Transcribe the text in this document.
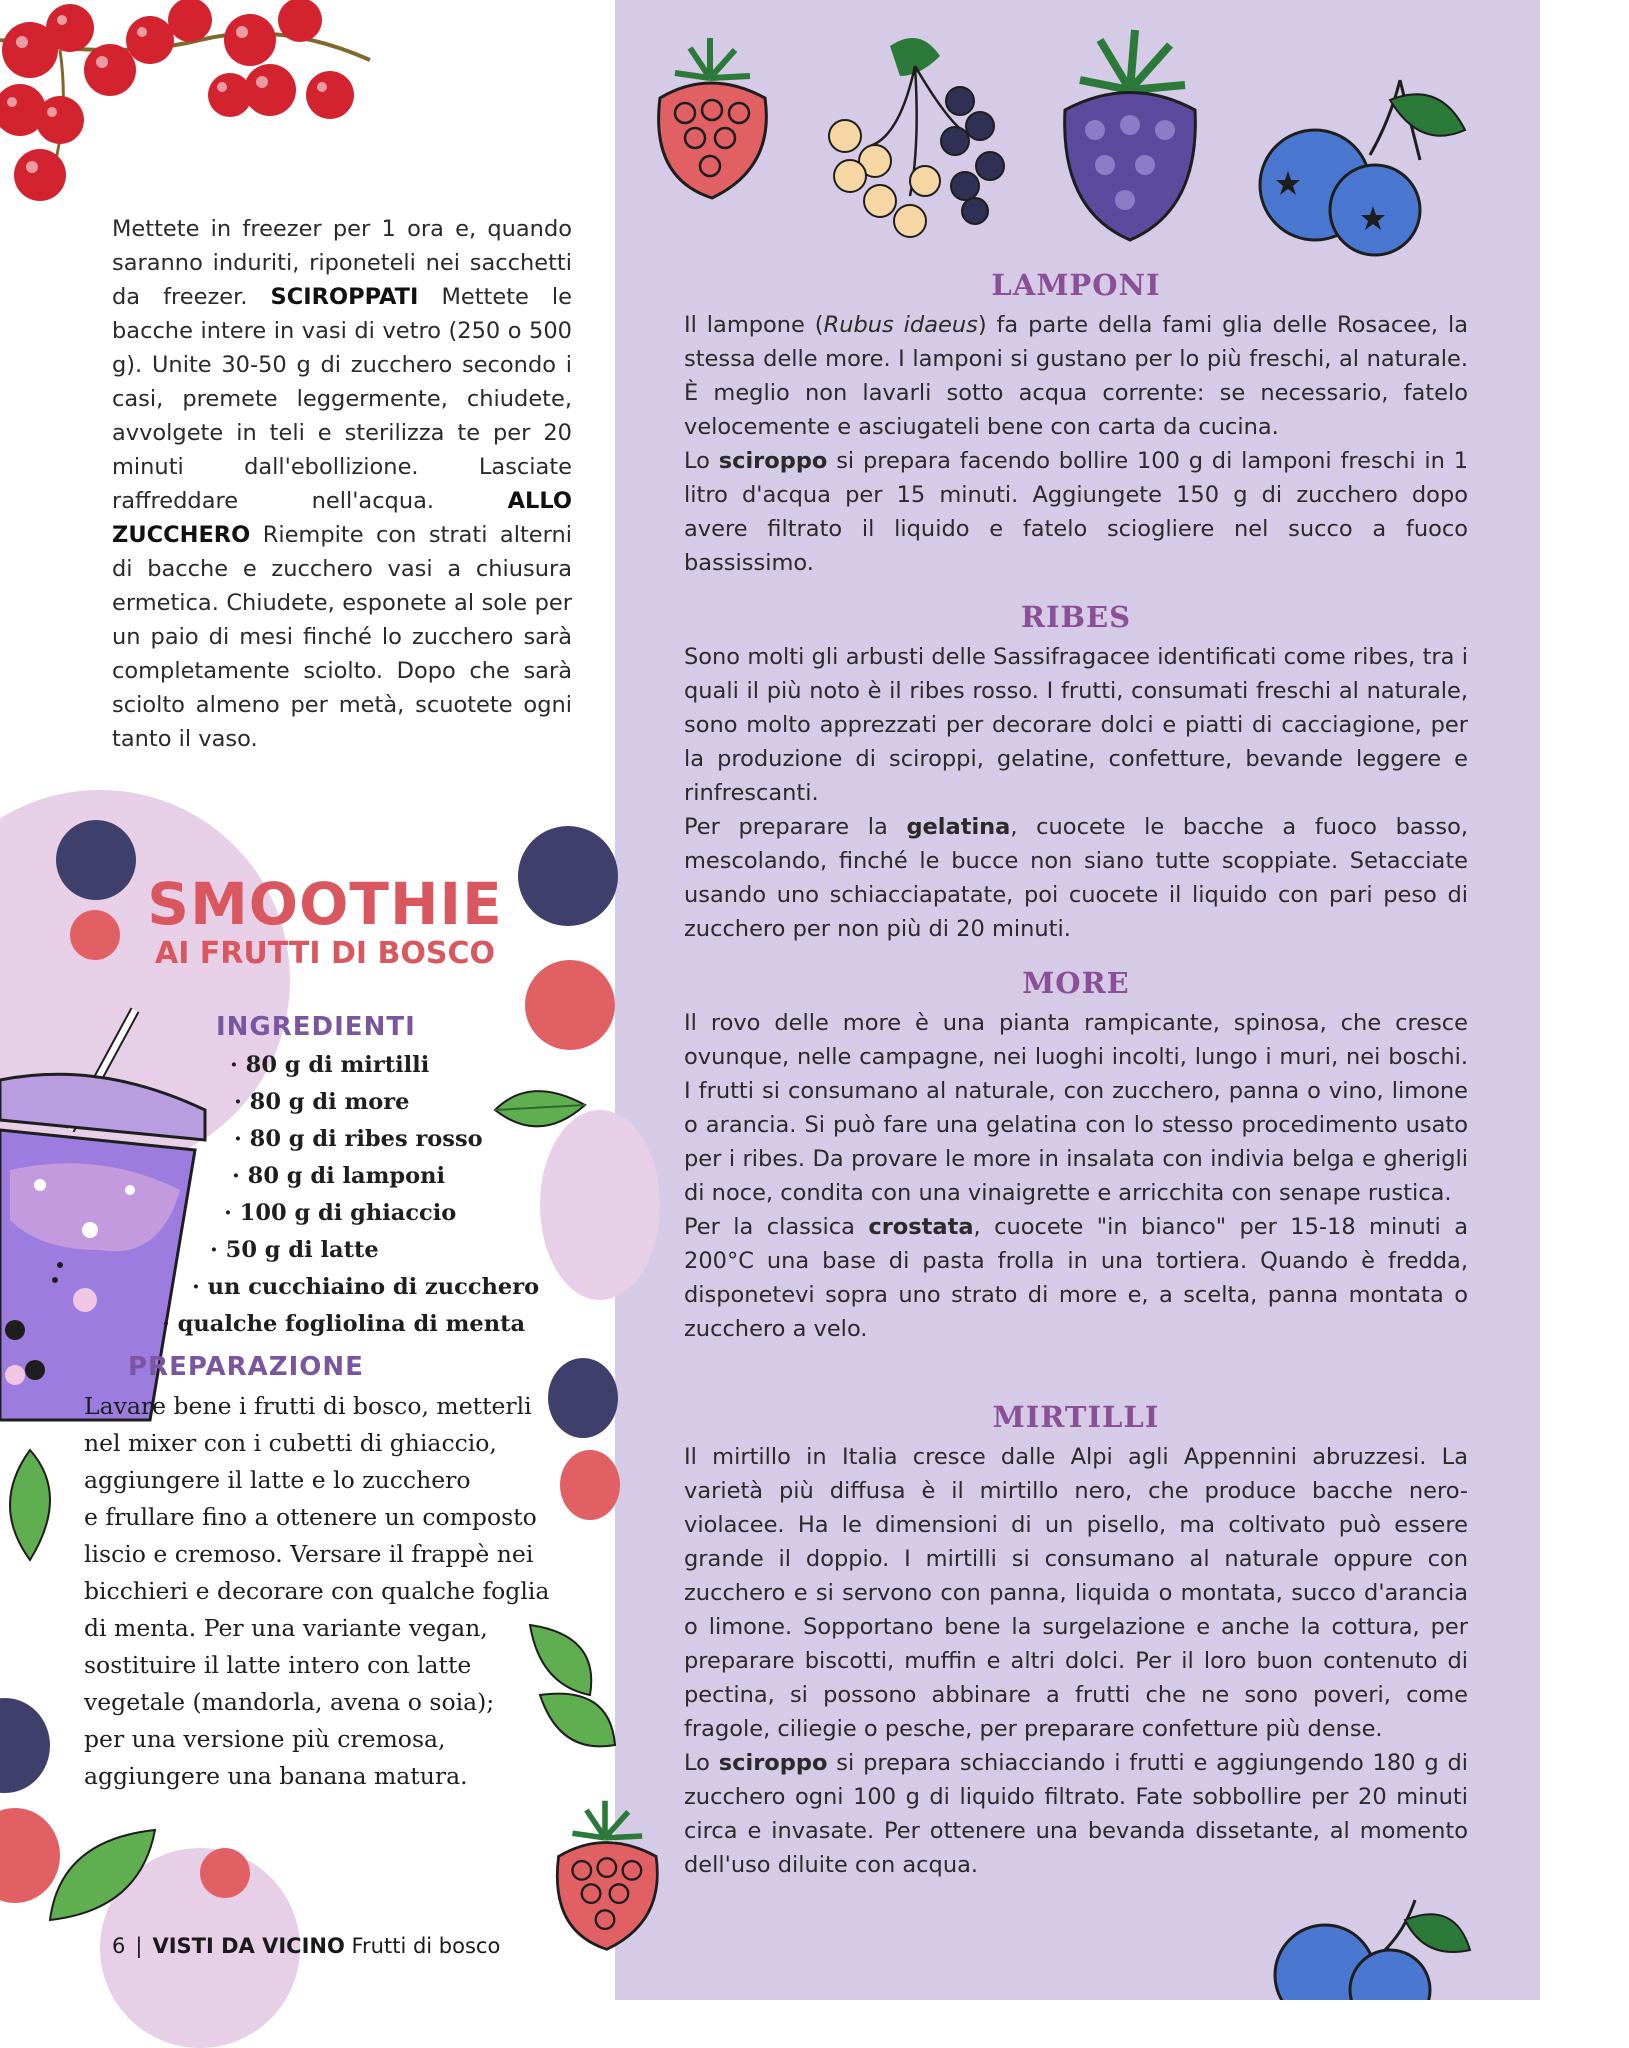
Mettete in freezer per 1 ora e, quando saranno induriti, riponeteli nei sacchetti da freezer. SCIROPPATI Mettete le bacche intere in vasi di vetro (250 o 500 g). Unite 30-50 g di zucchero secondo i casi, premete leggermente, chiudete, avvolgete in teli e sterilizza te per 20 minuti dall'ebollizione. Lasciate raffreddare nell'acqua.	ALLO ZUCCHERO Riempite con strati alterni di bacche e zucchero vasi a chiusura ermetica. Chiudete, esponete al sole per un paio di mesi finché lo zucchero sarà completamente sciolto. Dopo che sarà sciolto almeno per metà, scuotete ogni tanto il vaso.

SMOOTHIE
AI FRUTTI DI BOSCO
INGREDIENTI
· 80 g di mirtilli
· 80 g di more
· 80 g di ribes rosso
· 80 g di lamponi
· 100 g di ghiaccio
· 50 g di latte
· un cucchiaino di zucchero
· qualche fogliolina di menta
PREPARAZIONE
Lavare bene i frutti di bosco, metterli
nel mixer con i cubetti di ghiaccio,
aggiungere il latte e lo zucchero
e frullare fino a ottenere un composto
liscio e cremoso. Versare il frappè nei
bicchieri e decorare con qualche foglia
di menta. Per una variante vegan,
sostituire il latte intero con latte
vegetale (mandorla, avena o soia);
per una versione più cremosa,
aggiungere una banana matura.
LAMPONI

Il lampone (Rubus idaeus) fa parte della fami glia delle Rosacee, la stessa delle more. I lamponi si gustano per lo più freschi, al naturale. È meglio non lavarli sotto acqua corrente: se necessario, fatelo velocemente e asciugateli bene con carta da cucina.

Lo sciroppo si prepara facendo bollire 100 g di lamponi freschi in 1 litro d'acqua per 15 minuti. Aggiungete 150 g di zucchero dopo avere filtrato il liquido e fatelo sciogliere nel succo a fuoco bassissimo.

RIBES

Sono molti gli arbusti delle Sassifragacee identificati come ribes, tra i quali il più noto è il ribes rosso. I frutti, consumati freschi al naturale, sono molto apprezzati per decorare dolci e piatti di cacciagione, per la produzione di sciroppi, gelatine, confetture, bevande leggere e rinfrescanti.

Per preparare la gelatina, cuocete le bacche a fuoco basso, mescolando, finché le bucce non siano tutte scoppiate. Setacciate usando uno schiacciapatate, poi cuocete il liquido con pari peso di zucchero per non più di 20 minuti.

MORE

Il rovo delle more è una pianta rampicante, spinosa, che cresce ovunque, nelle campagne, nei luoghi incolti, lungo i muri, nei boschi. I frutti si consumano al naturale, con zucchero, panna o vino, limone o arancia. Si può fare una gelatina con lo stesso procedimento usato per i ribes. Da provare le more in insalata con indivia belga e gherigli di noce, condita con una vinaigrette e arricchita con senape rustica.

Per la classica crostata, cuocete "in bianco" per 15-18 minuti a 200°C una base di pasta frolla in una tortiera. Quando è fredda, disponetevi sopra uno strato di more e, a scelta, panna montata o zucchero a velo.

MIRTILLI

Il mirtillo in Italia cresce dalle Alpi agli Appennini abruzzesi. La varietà più diffusa è il mirtillo nero, che produce bacche nero-violacee. Ha le dimensioni di un pisello, ma coltivato può essere grande il doppio. I mirtilli si consumano al naturale oppure con zucchero e si servono con panna, liquida o montata, succo d'arancia o limone. Sopportano bene la surgelazione e anche la cottura, per preparare biscotti, muffin e altri dolci. Per il loro buon contenuto di pectina, si possono abbinare a frutti che ne sono poveri, come fragole, ciliegie o pesche, per preparare confetture più dense.

Lo sciroppo si prepara schiacciando i frutti e aggiungendo 180 g di zucchero ogni 100 g di liquido filtrato. Fate sobbollire per 20 minuti circa e invasate. Per ottenere una bevanda dissetante, al momento dell'uso diluite con acqua.

6 | VISTI DA VICINO Frutti di bosco
